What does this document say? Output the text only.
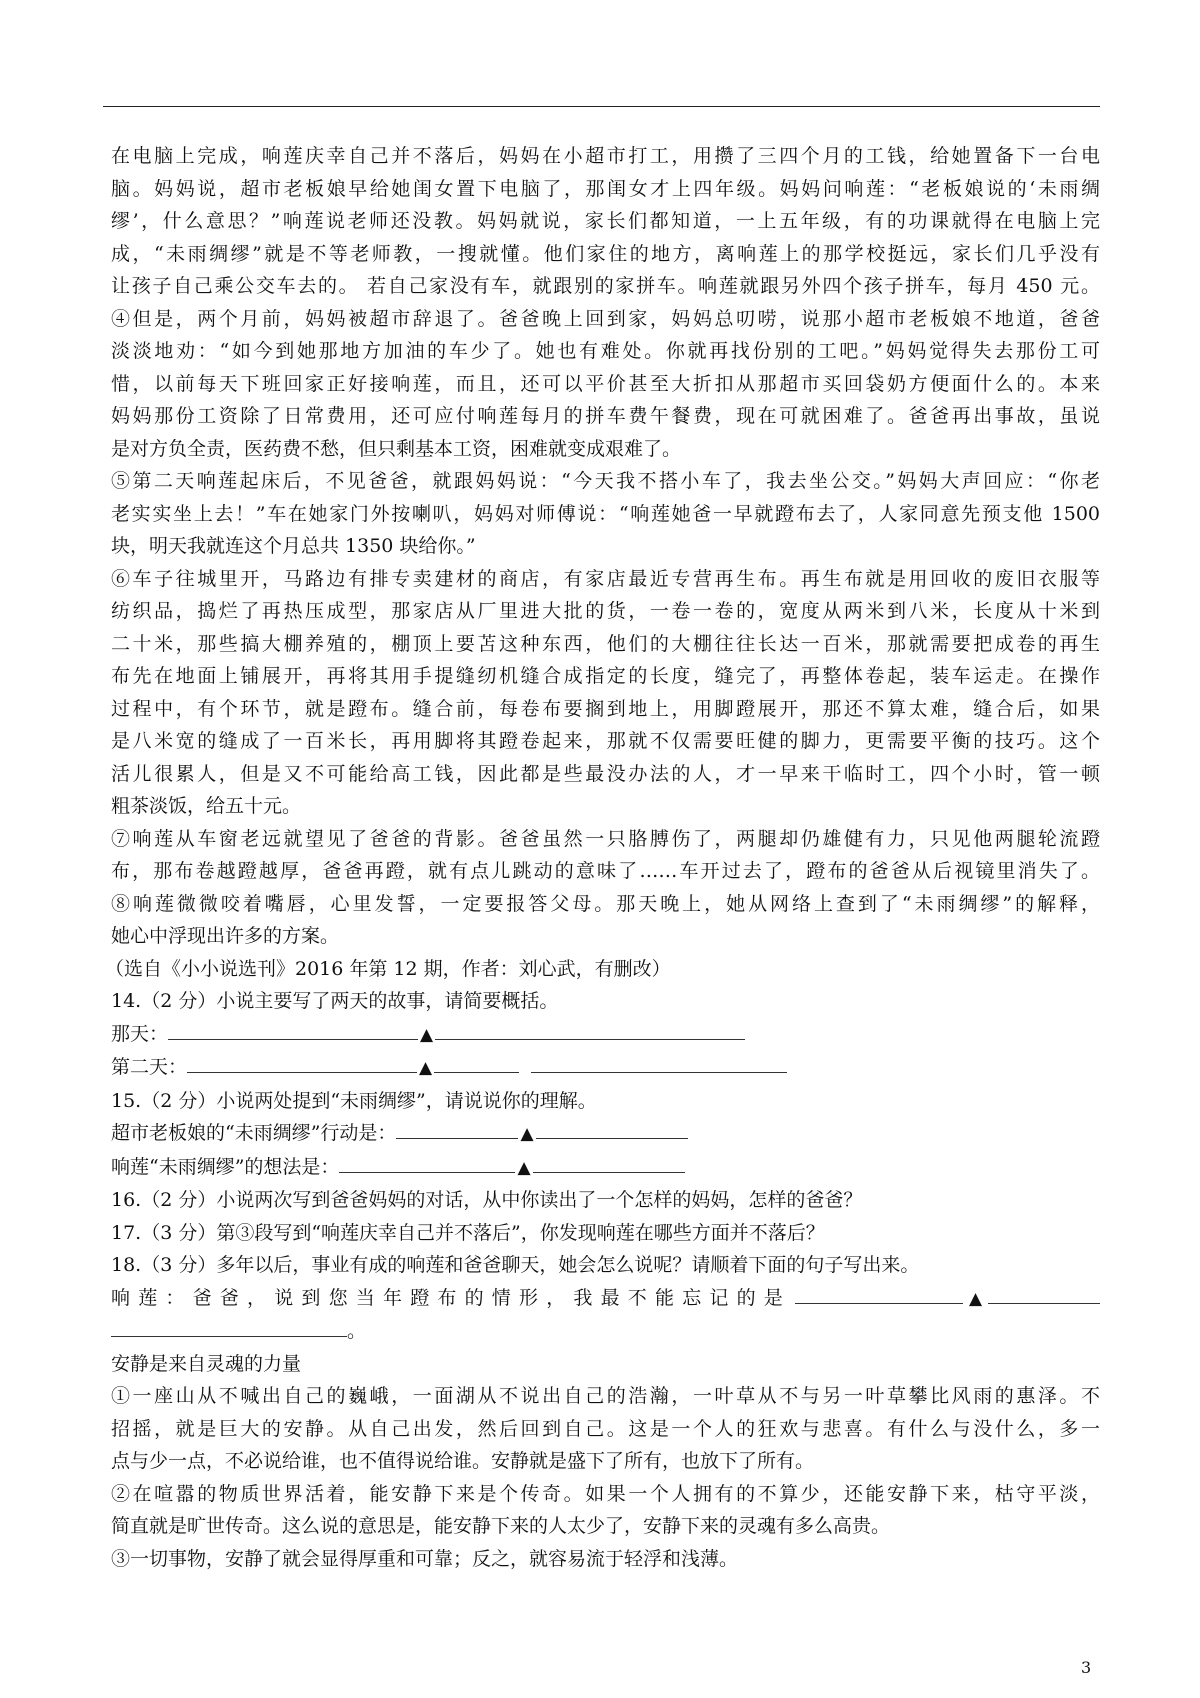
在电脑上完成，响莲庆幸自己并不落后，妈妈在小超市打工，用攒了三四个月的工钱，给她置备下一台电

脑。妈妈说，超市老板娘早给她闺女置下电脑了，那闺女才上四年级。妈妈问响莲：“老板娘说的‘未雨绸

缪’，什么意思？”响莲说老师还没教。妈妈就说，家长们都知道，一上五年级，有的功课就得在电脑上完

成，“未雨绸缪”就是不等老师教，一搜就懂。他们家住的地方，离响莲上的那学校挺远，家长们几乎没有

让孩子自己乘公交车去的。 若自己家没有车，就跟别的家拼车。响莲就跟另外四个孩子拼车，每月 450 元。

④但是，两个月前，妈妈被超市辞退了。爸爸晚上回到家，妈妈总叨唠，说那小超市老板娘不地道，爸爸

淡淡地劝：“如今到她那地方加油的车少了。她也有难处。你就再找份别的工吧。”妈妈觉得失去那份工可

惜，以前每天下班回家正好接响莲，而且，还可以平价甚至大折扣从那超市买回袋奶方便面什么的。本来

妈妈那份工资除了日常费用，还可应付响莲每月的拼车费午餐费，现在可就困难了。爸爸再出事故，虽说

是对方负全责，医药费不愁，但只剩基本工资，困难就变成艰难了。

⑤第二天响莲起床后，不见爸爸，就跟妈妈说：“今天我不搭小车了，我去坐公交。”妈妈大声回应：“你老

老实实坐上去！”车在她家门外按喇叭，妈妈对师傅说：“响莲她爸一早就蹬布去了，人家同意先预支他 1500

块，明天我就连这个月总共 1350 块给你。”

⑥车子往城里开，马路边有排专卖建材的商店，有家店最近专营再生布。再生布就是用回收的废旧衣服等

纺织品，捣烂了再热压成型，那家店从厂里进大批的货，一卷一卷的，宽度从两米到八米，长度从十米到

二十米，那些搞大棚养殖的，棚顶上要苫这种东西，他们的大棚往往长达一百米，那就需要把成卷的再生

布先在地面上铺展开，再将其用手提缝纫机缝合成指定的长度，缝完了，再整体卷起，装车运走。在操作

过程中，有个环节，就是蹬布。缝合前，每卷布要搁到地上，用脚蹬展开，那还不算太难，缝合后，如果

是八米宽的缝成了一百米长，再用脚将其蹬卷起来，那就不仅需要旺健的脚力，更需要平衡的技巧。这个

活儿很累人，但是又不可能给高工钱，因此都是些最没办法的人，才一早来干临时工，四个小时，管一顿

粗茶淡饭，给五十元。

⑦响莲从车窗老远就望见了爸爸的背影。爸爸虽然一只胳膊伤了，两腿却仍雄健有力，只见他两腿轮流蹬

布，那布卷越蹬越厚，爸爸再蹬，就有点儿跳动的意味了……车开过去了，蹬布的爸爸从后视镜里消失了。

⑧响莲微微咬着嘴唇，心里发誓，一定要报答父母。那天晚上，她从网络上查到了“未雨绸缪”的解释，

她心中浮现出许多的方案。

（选自《小小说选刊》2016 年第 12 期，作者：刘心武，有删改）

14.（2 分）小说主要写了两天的故事，请简要概括。

那天：	▲

第二天：	▲

15.（2 分）小说两处提到“未雨绸缪”，请说说你的理解。

超市老板娘的“未雨绸缪”行动是：	▲

响莲“未雨绸缪”的想法是：	▲

16.（2 分）小说两次写到爸爸妈妈的对话，从中你读出了一个怎样的妈妈，怎样的爸爸？

17.（3 分）第③段写到“响莲庆幸自己并不落后”，你发现响莲在哪些方面并不落后？

18.（3 分）多年以后，事业有成的响莲和爸爸聊天，她会怎么说呢？请顺着下面的句子写出来。

响莲：爸爸，说到您当年蹬布的情形，我最不能忘记的是	▲

。

安静是来自灵魂的力量

①一座山从不喊出自己的巍峨，一面湖从不说出自己的浩瀚，一叶草从不与另一叶草攀比风雨的惠泽。不

招摇，就是巨大的安静。从自己出发，然后回到自己。这是一个人的狂欢与悲喜。有什么与没什么，多一

点与少一点，不必说给谁，也不值得说给谁。安静就是盛下了所有，也放下了所有。

②在喧嚣的物质世界活着，能安静下来是个传奇。如果一个人拥有的不算少，还能安静下来，枯守平淡，

简直就是旷世传奇。这么说的意思是，能安静下来的人太少了，安静下来的灵魂有多么高贵。

③一切事物，安静了就会显得厚重和可靠；反之，就容易流于轻浮和浅薄。

3
